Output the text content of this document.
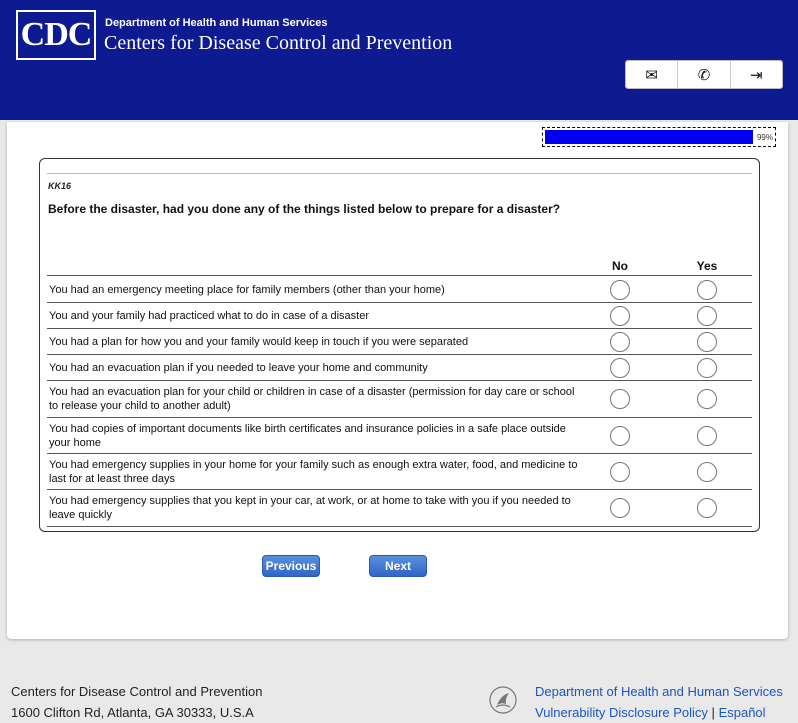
CDC Department of Health and Human Services
Centers for Disease Control and Prevention
✉	✆	⇥
99%
KK16
Before the disaster, had you done any of the things listed below to prepare for a disaster?
No	Yes
You had an emergency meeting place for family members (other than your home)
You and your family had practiced what to do in case of a disaster
You had a plan for how you and your family would keep in touch if you were separated
You had an evacuation plan if you needed to leave your home and community
You had an evacuation plan for your child or children in case of a disaster (permission for day care or school to release your child to another adult)
You had copies of important documents like birth certificates and insurance policies in a safe place outside your home
You had emergency supplies in your home for your family such as enough extra water, food, and medicine to last for at least three days
You had emergency supplies that you kept in your car, at work, or at home to take with you if you needed to leave quickly
Previous	Next
Centers for Disease Control and Prevention
1600 Clifton Rd, Atlanta, GA 30333, U.S.A
Department of Health and Human Services
Vulnerability Disclosure Policy | Español
